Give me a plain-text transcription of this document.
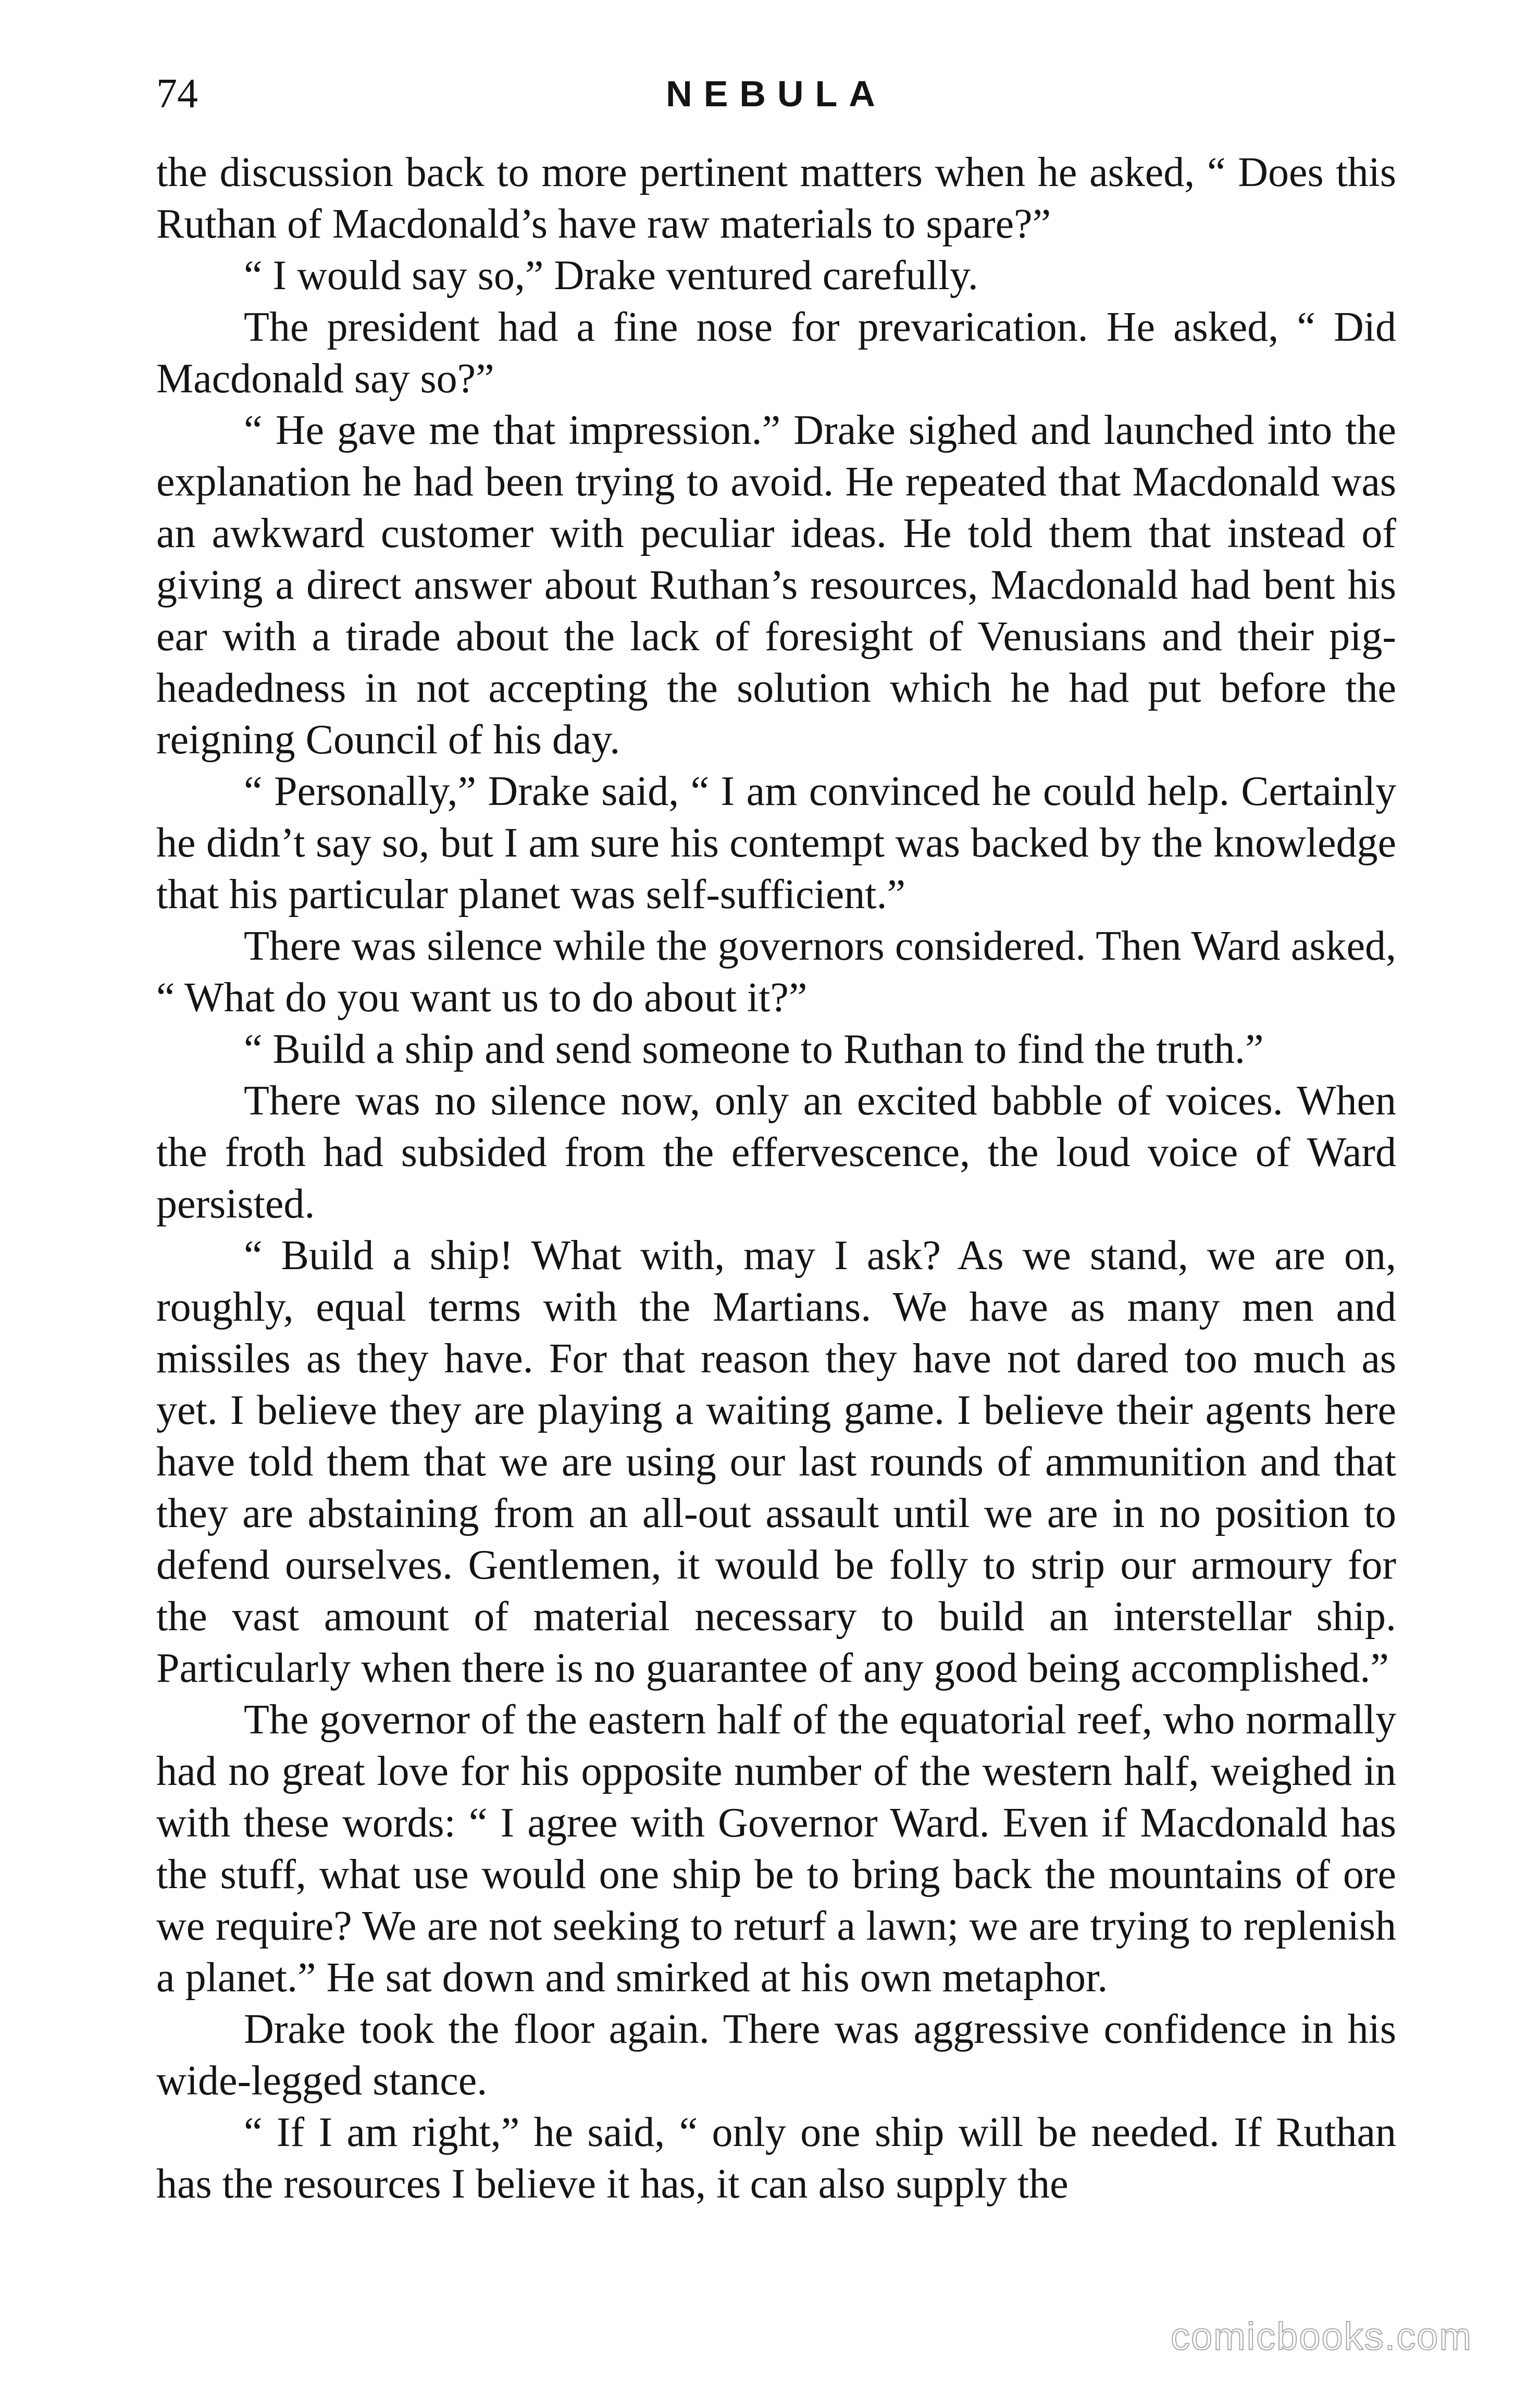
74	NEBULA

the discussion back to more pertinent matters when he asked, “ Does this Ruthan of Macdonald’s have raw materials to spare?”

“ I would say so,” Drake ventured carefully.

The president had a fine nose for prevarication. He asked, “ Did Macdonald say so?”

“ He gave me that impression.” Drake sighed and launched into the explanation he had been trying to avoid. He repeated that Macdonald was an awkward customer with peculiar ideas. He told them that instead of giving a direct answer about Ruthan’s resources, Macdonald had bent his ear with a tirade about the lack of foresight of Venusians and their pig-headedness in not accepting the solution which he had put before the reigning Council of his day.

“ Personally,” Drake said, “ I am convinced he could help. Certainly he didn’t say so, but I am sure his contempt was backed by the knowledge that his particular planet was self-sufficient.”

There was silence while the governors considered. Then Ward asked, “ What do you want us to do about it?”

“ Build a ship and send someone to Ruthan to find the truth.”

There was no silence now, only an excited babble of voices. When the froth had subsided from the effervescence, the loud voice of Ward persisted.

“ Build a ship! What with, may I ask? As we stand, we are on, roughly, equal terms with the Martians. We have as many men and missiles as they have. For that reason they have not dared too much as yet. I believe they are playing a waiting game. I believe their agents here have told them that we are using our last rounds of ammunition and that they are abstaining from an all-out assault until we are in no position to defend ourselves. Gentlemen, it would be folly to strip our armoury for the vast amount of material necessary to build an interstellar ship. Particularly when there is no guarantee of any good being accomplished.”

The governor of the eastern half of the equatorial reef, who normally had no great love for his opposite number of the western half, weighed in with these words: “ I agree with Governor Ward. Even if Macdonald has the stuff, what use would one ship be to bring back the mountains of ore we require? We are not seeking to returf a lawn; we are trying to replenish a planet.” He sat down and smirked at his own metaphor.

Drake took the floor again. There was aggressive confidence in his wide-legged stance.

“ If I am right,” he said, “ only one ship will be needed. If Ruthan has the resources I believe it has, it can also supply the

comicbooks.com
